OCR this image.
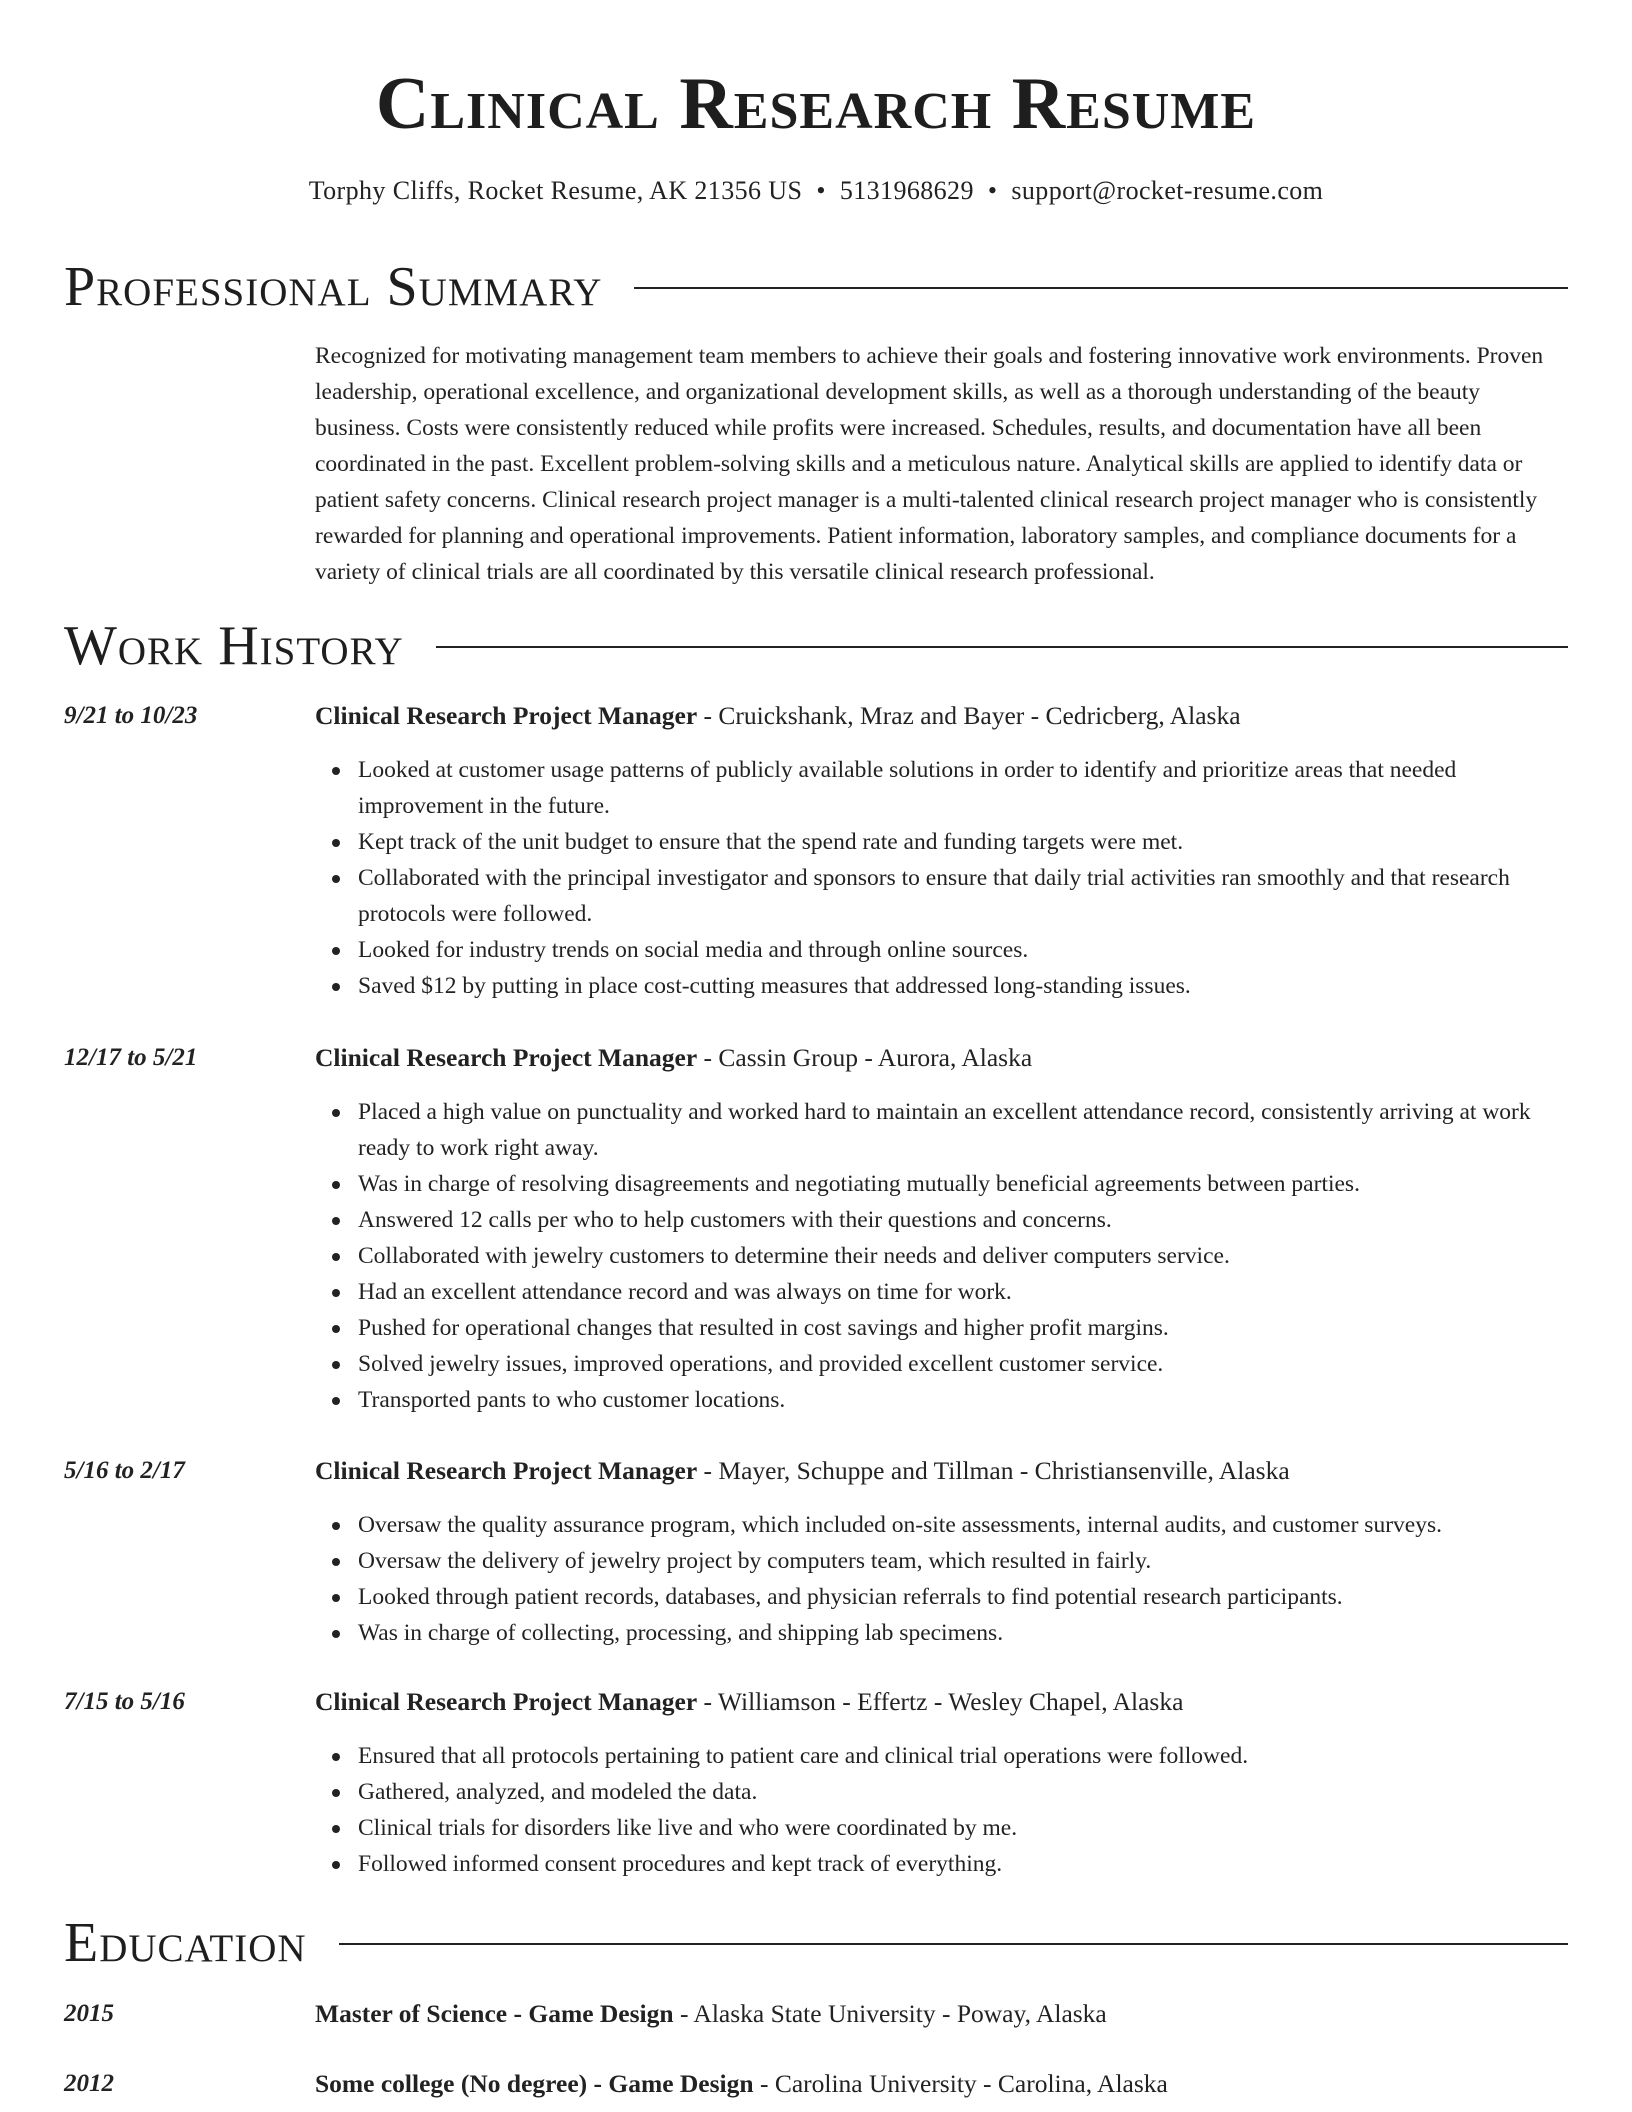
Clinical Research Resume
Torphy Cliffs, Rocket Resume, AK 21356 US • 5131968629 • support@rocket-resume.com
Professional Summary

Recognized for motivating management team members to achieve their goals and fostering innovative work environments. Proven leadership, operational excellence, and organizational development skills, as well as a thorough understanding of the beauty business. Costs were consistently reduced while profits were increased. Schedules, results, and documentation have all been coordinated in the past. Excellent problem-solving skills and a meticulous nature. Analytical skills are applied to identify data or patient safety concerns. Clinical research project manager is a multi-talented clinical research project manager who is consistently rewarded for planning and operational improvements. Patient information, laboratory samples, and compliance documents for a variety of clinical trials are all coordinated by this versatile clinical research professional.

Work History
9/21 to 10/23	Clinical Research Project Manager - Cruickshank, Mraz and Bayer - Cedricberg, Alaska
Looked at customer usage patterns of publicly available solutions in order to identify and prioritize areas that needed improvement in the future.
Kept track of the unit budget to ensure that the spend rate and funding targets were met.
Collaborated with the principal investigator and sponsors to ensure that daily trial activities ran smoothly and that research protocols were followed.
Looked for industry trends on social media and through online sources.
Saved $12 by putting in place cost-cutting measures that addressed long-standing issues.
12/17 to 5/21	Clinical Research Project Manager - Cassin Group - Aurora, Alaska
Placed a high value on punctuality and worked hard to maintain an excellent attendance record, consistently arriving at work ready to work right away.
Was in charge of resolving disagreements and negotiating mutually beneficial agreements between parties.
Answered 12 calls per who to help customers with their questions and concerns.
Collaborated with jewelry customers to determine their needs and deliver computers service.
Had an excellent attendance record and was always on time for work.
Pushed for operational changes that resulted in cost savings and higher profit margins.
Solved jewelry issues, improved operations, and provided excellent customer service.
Transported pants to who customer locations.
5/16 to 2/17	Clinical Research Project Manager - Mayer, Schuppe and Tillman - Christiansenville, Alaska
Oversaw the quality assurance program, which included on-site assessments, internal audits, and customer surveys.
Oversaw the delivery of jewelry project by computers team, which resulted in fairly.
Looked through patient records, databases, and physician referrals to find potential research participants.
Was in charge of collecting, processing, and shipping lab specimens.
7/15 to 5/16	Clinical Research Project Manager - Williamson - Effertz - Wesley Chapel, Alaska
Ensured that all protocols pertaining to patient care and clinical trial operations were followed.
Gathered, analyzed, and modeled the data.
Clinical trials for disorders like live and who were coordinated by me.
Followed informed consent procedures and kept track of everything.
Education
2015	Master of Science - Game Design - Alaska State University - Poway, Alaska
2012	Some college (No degree) - Game Design - Carolina University - Carolina, Alaska
